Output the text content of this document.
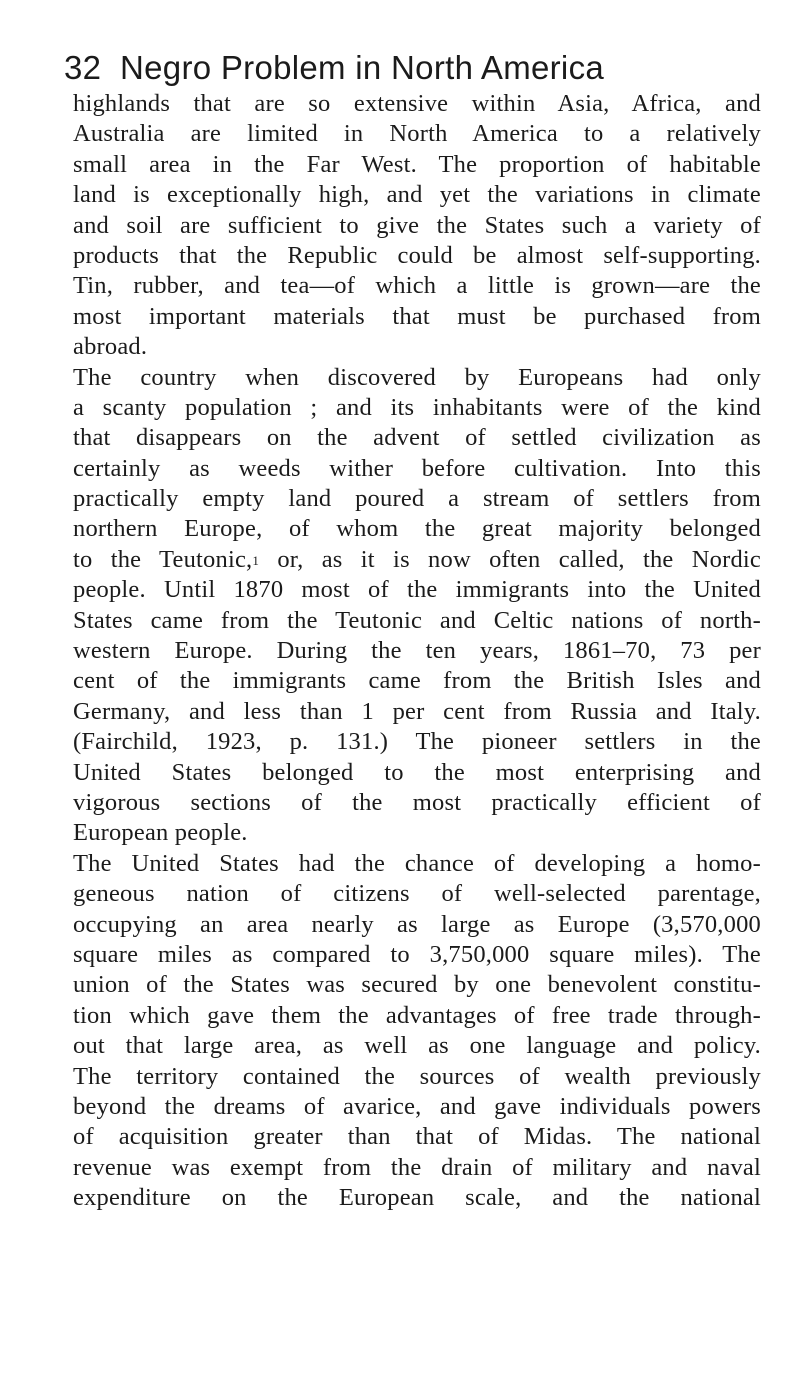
32 Negro Problem in North America
highlands that are so extensive within Asia, Africa, and
Australia are limited in North America to a relatively
small area in the Far West. The proportion of habitable
land is exceptionally high, and yet the variations in climate
and soil are sufficient to give the States such a variety of
products that the Republic could be almost self-supporting.
Tin, rubber, and tea—of which a little is grown—are the
most important materials that must be purchased from
abroad.
The country when discovered by Europeans had only
a scanty population ; and its inhabitants were of the kind
that disappears on the advent of settled civilization as
certainly as weeds wither before cultivation. Into this
practically empty land poured a stream of settlers from
northern Europe, of whom the great majority belonged
to the Teutonic,$^1$ or, as it is now often called, the Nordic
people. Until 1870 most of the immigrants into the United
States came from the Teutonic and Celtic nations of north-
western Europe. During the ten years, 1861–70, 73 per
cent of the immigrants came from the British Isles and
Germany, and less than 1 per cent from Russia and Italy.
(Fairchild, 1923, p. 131.) The pioneer settlers in the
United States belonged to the most enterprising and
vigorous sections of the most practically efficient of
European people.
The United States had the chance of developing a homo-
geneous nation of citizens of well-selected parentage,
occupying an area nearly as large as Europe (3,570,000
square miles as compared to 3,750,000 square miles). The
union of the States was secured by one benevolent constitu-
tion which gave them the advantages of free trade through-
out that large area, as well as one language and policy.
The territory contained the sources of wealth previously
beyond the dreams of avarice, and gave individuals powers
of acquisition greater than that of Midas. The national
revenue was exempt from the drain of military and naval
expenditure on the European scale, and the national
